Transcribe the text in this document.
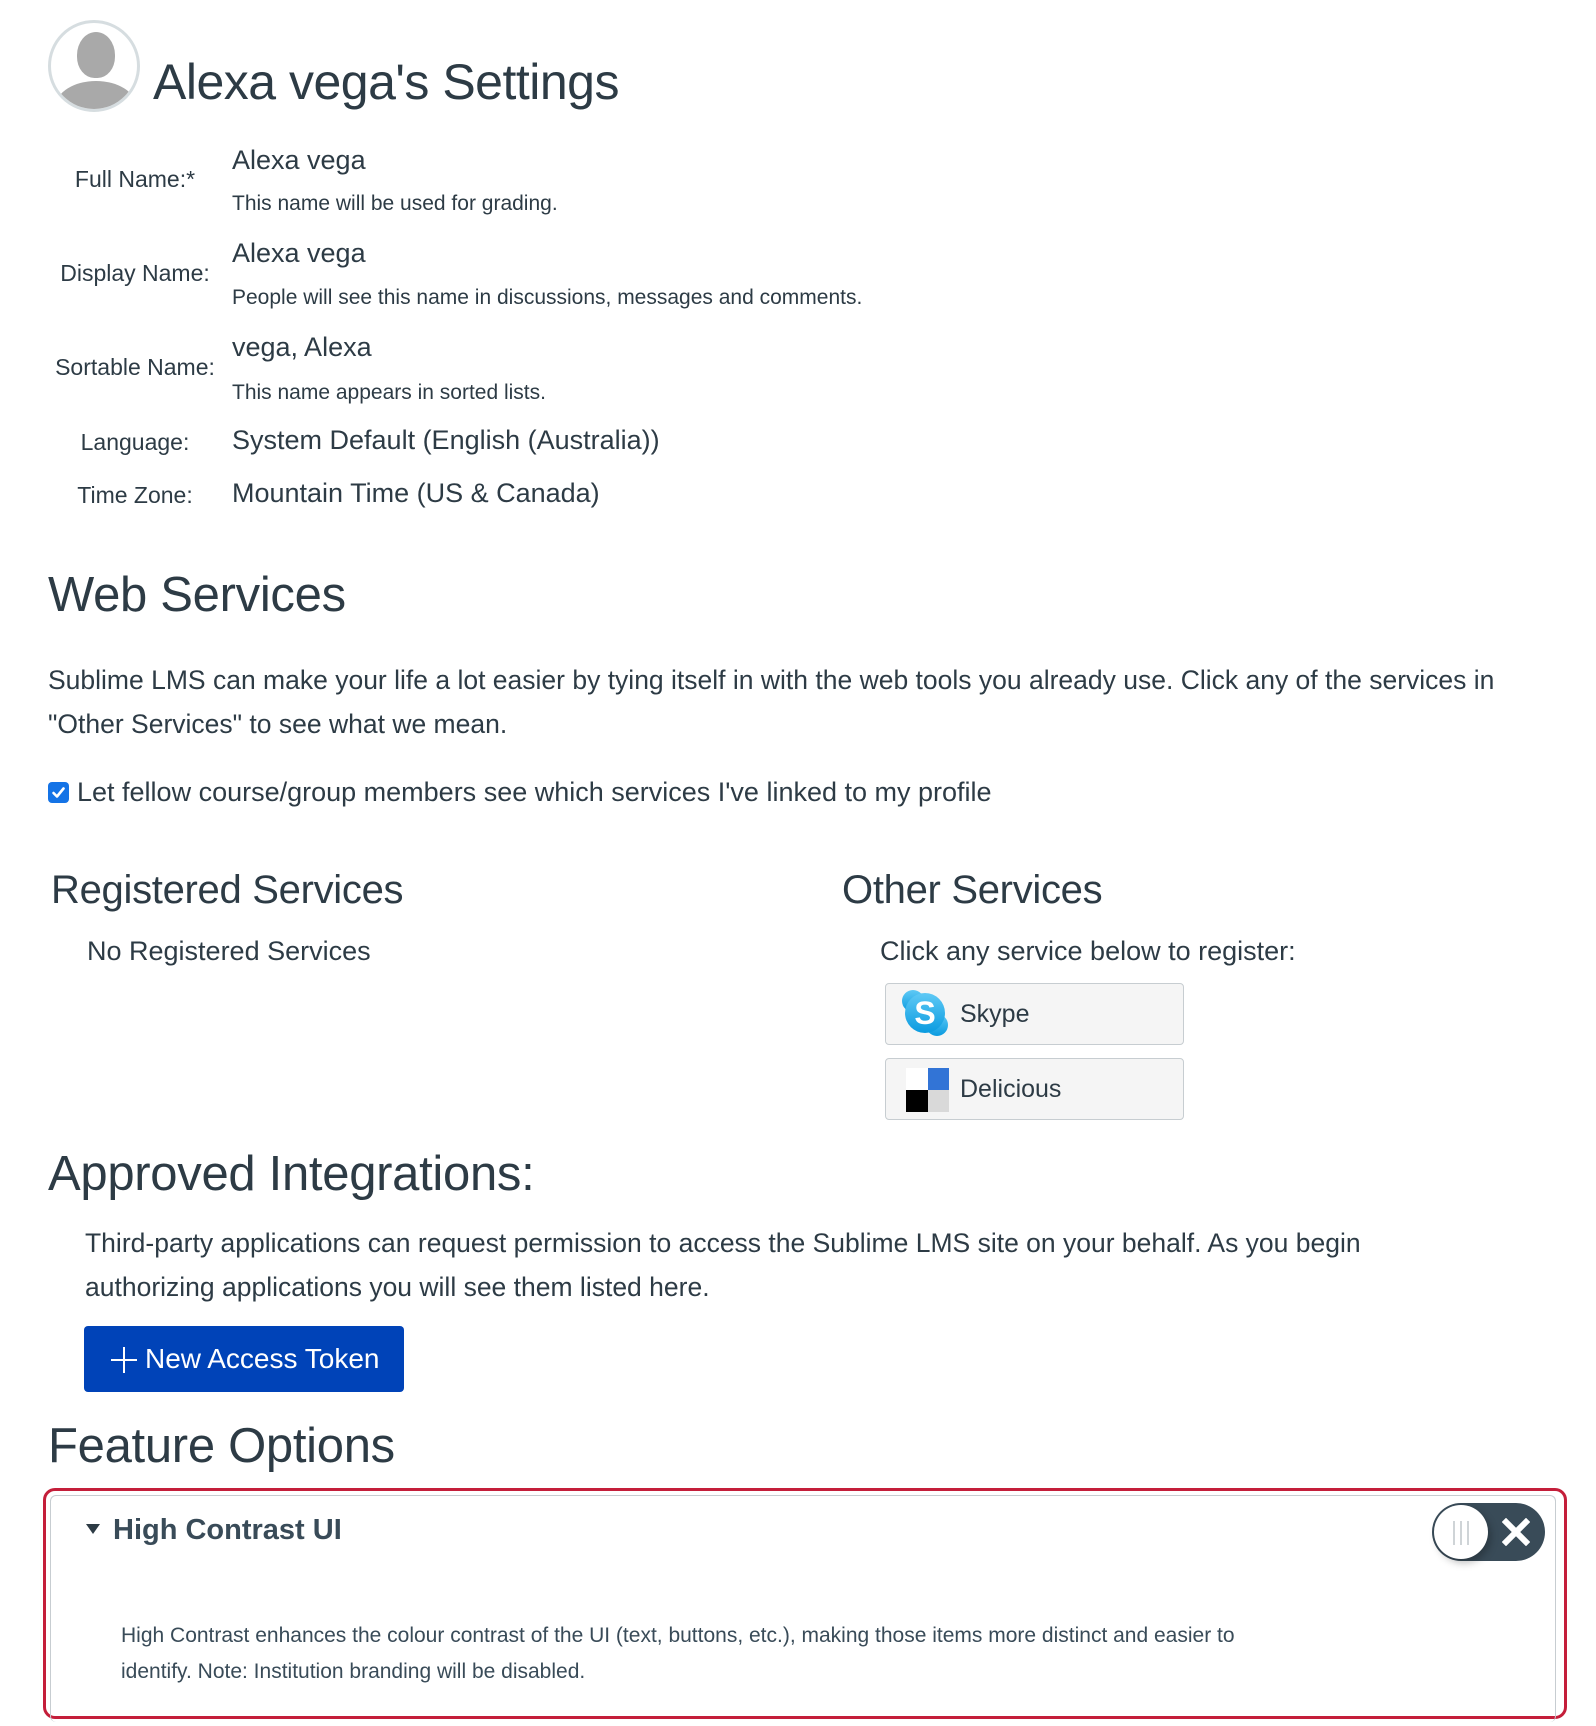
Alexa vega's Settings
Full Name:*
Alexa vega
This name will be used for grading.
Display Name:
Alexa vega
People will see this name in discussions, messages and comments.
Sortable Name:
vega, Alexa
This name appears in sorted lists.
Language:	System Default (English (Australia))
Time Zone:	Mountain Time (US & Canada)
Web Services
Sublime LMS can make your life a lot easier by tying itself in with the web tools you already use. Click any of the services in "Other Services" to see what we mean.
Let fellow course/group members see which services I've linked to my profile
Registered Services
No Registered Services
Other Services
Click any service below to register:
S Skype
Delicious
Approved Integrations:
Third-party applications can request permission to access the Sublime LMS site on your behalf. As you begin authorizing applications you will see them listed here.
New Access Token
Feature Options
High Contrast UI
High Contrast enhances the colour contrast of the UI (text, buttons, etc.), making those items more distinct and easier to identify. Note: Institution branding will be disabled.
